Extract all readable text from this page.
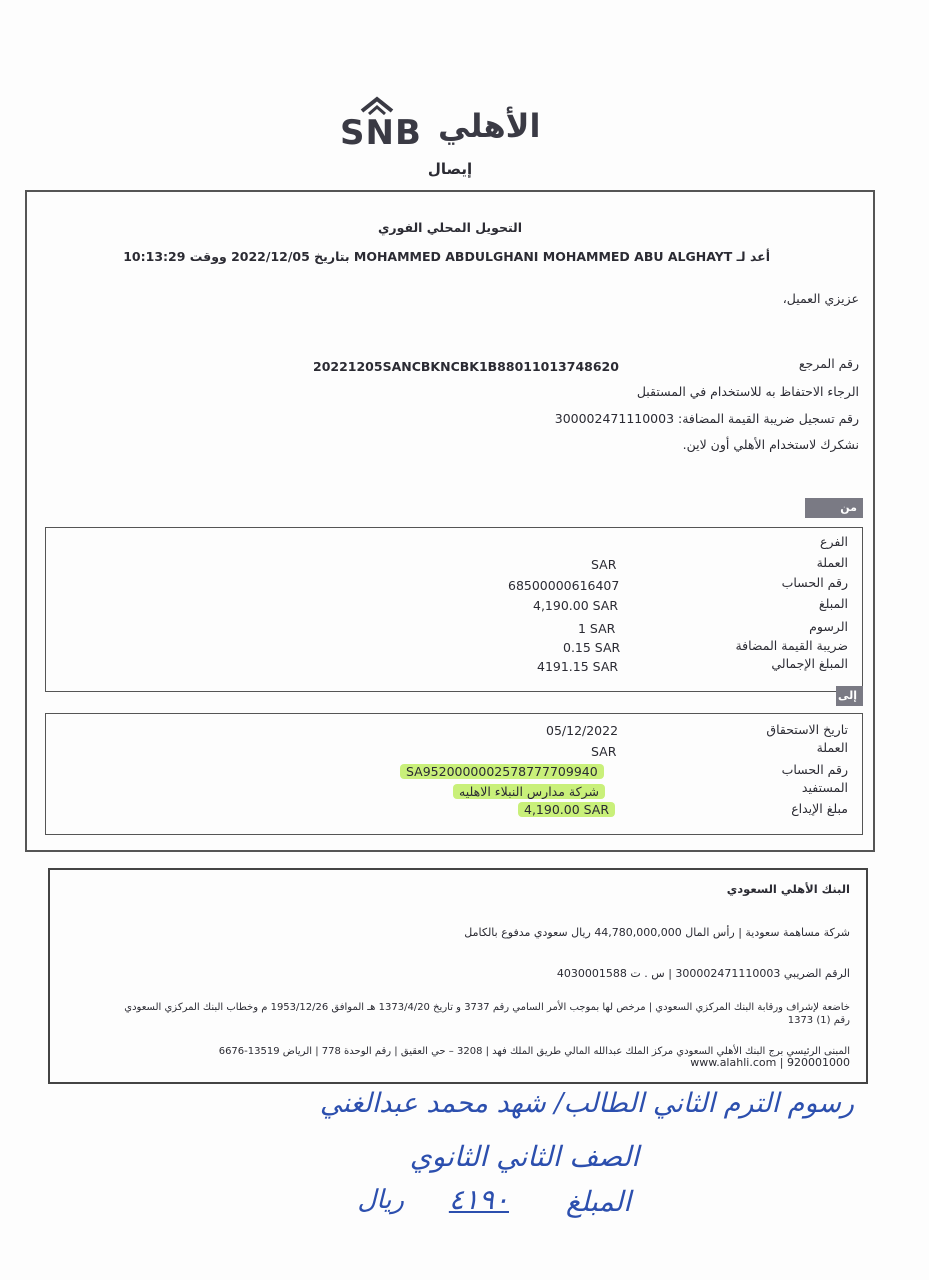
SNB الأهلي
إيصال
التحويل المحلي الفوري
أعد لـ MOHAMMED ABDULGHANI MOHAMMED ABU ALGHAYT بتاريخ 2022/12/05 ووقت 10:13:29
عزيزي العميل،
رقم المرجع
20221205SANCBKNCBK1B88011013748620
الرجاء الاحتفاظ به للاستخدام في المستقبل
رقم تسجيل ضريبة القيمة المضافة: 300002471110003
نشكرك لاستخدام الأهلي أون لاين.
من
الفرع
العملة
SAR
رقم الحساب
68500000616407
المبلغ
4,190.00 SAR
الرسوم
1 SAR
ضريبة القيمة المضافة
0.15 SAR
المبلغ الإجمالي
4191.15 SAR
إلى
تاريخ الاستحقاق
05/12/2022
العملة
SAR
رقم الحساب
SA9520000002578777709940
المستفيد
شركة مدارس النبلاء الاهليه
مبلغ الإيداع
4,190.00 SAR
البنك الأهلي السعودي
شركة مساهمة سعودية | رأس المال 44,780,000,000 ريال سعودي مدفوع بالكامل
الرقم الضريبي 300002471110003 | س . ت 4030001588
خاضعة لإشراف ورقابة البنك المركزي السعودي | مرخص لها بموجب الأمر السامي رقم 3737 و تاريخ 1373/4/20 هـ الموافق 1953/12/26 م وخطاب البنك المركزي السعودي
رقم (1) 1373
المبنى الرئيسي برج البنك الأهلي السعودي مركز الملك عبدالله المالي طريق الملك فهد | 3208 – حي العقيق | رقم الوحدة 778 | الرياض 13519-6676
www.alahli.com | 920001000
رسوم الترم الثاني الطالب/ شهد محمد عبدالغني
الصف الثاني الثانوي
المبلغ
٤١٩٠
ريال
